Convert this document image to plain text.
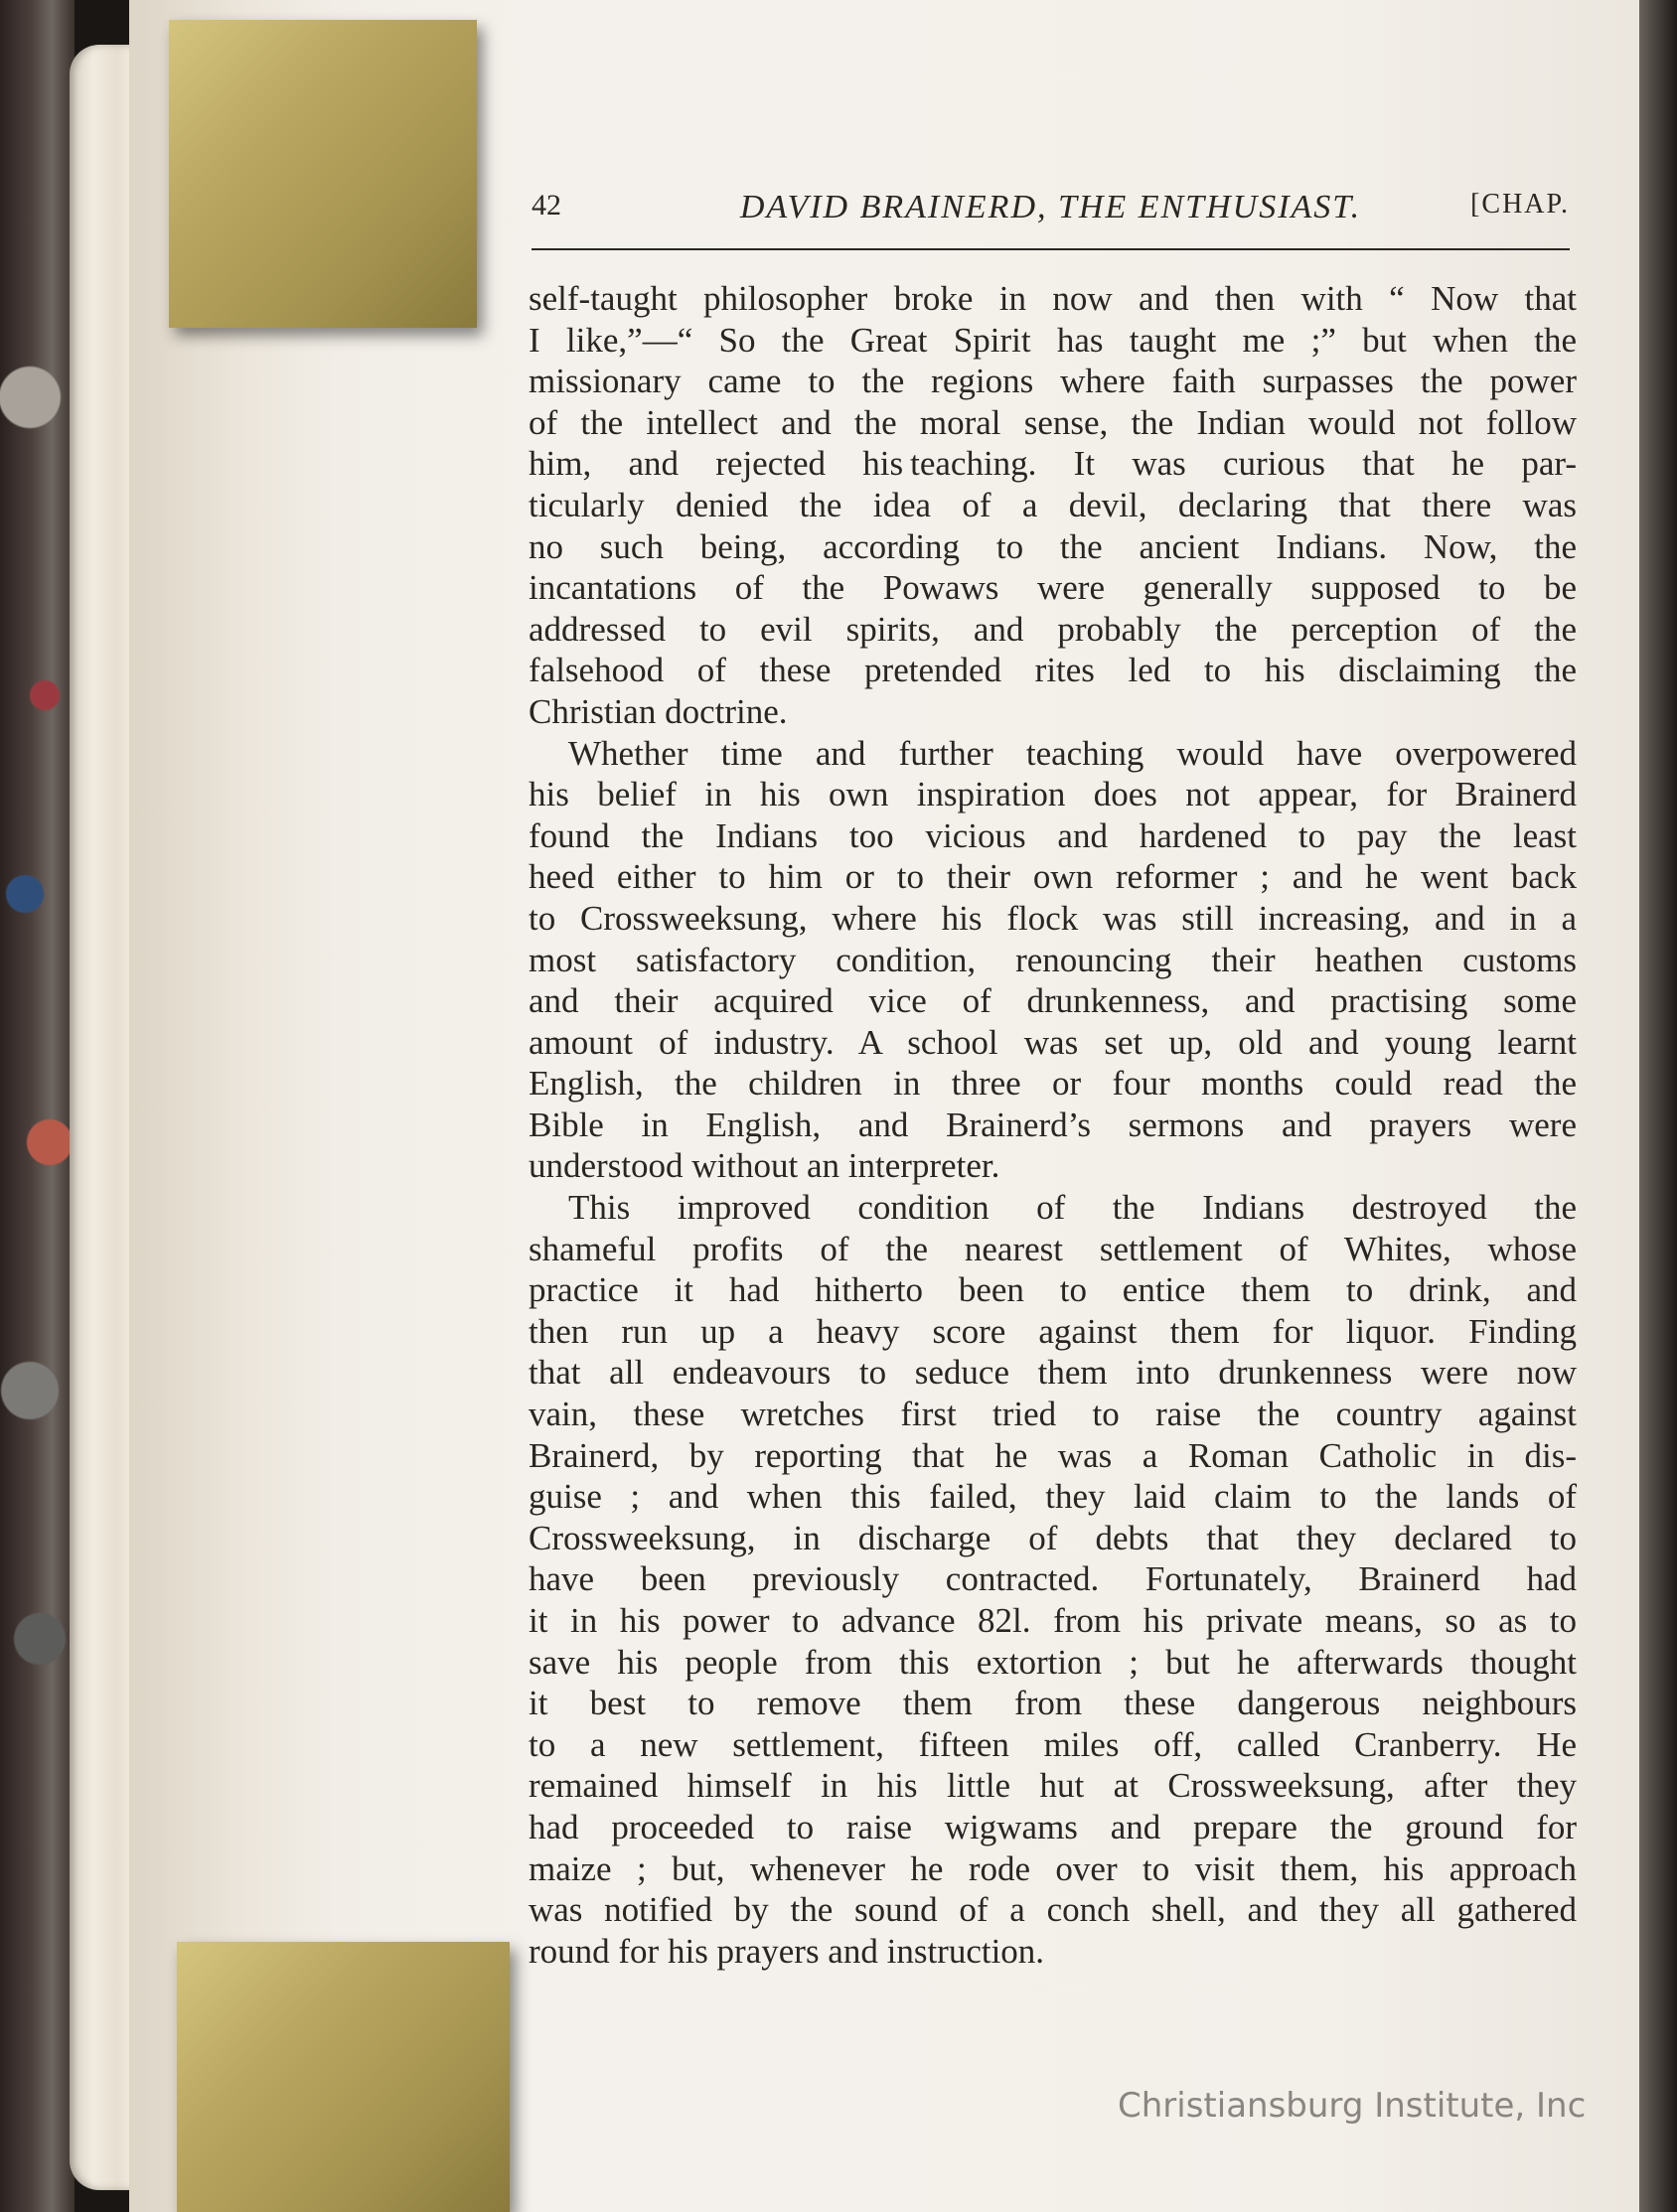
42	DAVID BRAINERD, THE ENTHUSIAST.	[CHAP.
self-taught philosopher broke in now and then with “ Now that
I like,”—“ So the Great Spirit has taught me ;” but when the
missionary came to the regions where faith surpasses the power
of the intellect and the moral sense, the Indian would not follow
him, and rejected his teaching. It was curious that he par-
ticularly denied the idea of a devil, declaring that there was
no such being, according to the ancient Indians. Now, the
incantations of the Powaws were generally supposed to be
addressed to evil spirits, and probably the perception of the
falsehood of these pretended rites led to his disclaiming the
Christian doctrine.
Whether time and further teaching would have overpowered
his belief in his own inspiration does not appear, for Brainerd
found the Indians too vicious and hardened to pay the least
heed either to him or to their own reformer ; and he went back
to Crossweeksung, where his flock was still increasing, and in a
most satisfactory condition, renouncing their heathen customs
and their acquired vice of drunkenness, and practising some
amount of industry. A school was set up, old and young learnt
English, the children in three or four months could read the
Bible in English, and Brainerd’s sermons and prayers were
understood without an interpreter.
This improved condition of the Indians destroyed the
shameful profits of the nearest settlement of Whites, whose
practice it had hitherto been to entice them to drink, and
then run up a heavy score against them for liquor. Finding
that all endeavours to seduce them into drunkenness were now
vain, these wretches first tried to raise the country against
Brainerd, by reporting that he was a Roman Catholic in dis-
guise ; and when this failed, they laid claim to the lands of
Crossweeksung, in discharge of debts that they declared to
have been previously contracted. Fortunately, Brainerd had
it in his power to advance 82l. from his private means, so as to
save his people from this extortion ; but he afterwards thought
it best to remove them from these dangerous neighbours
to a new settlement, fifteen miles off, called Cranberry. He
remained himself in his little hut at Crossweeksung, after they
had proceeded to raise wigwams and prepare the ground for
maize ; but, whenever he rode over to visit them, his approach
was notified by the sound of a conch shell, and they all gathered
round for his prayers and instruction.
Christiansburg Institute, Inc
